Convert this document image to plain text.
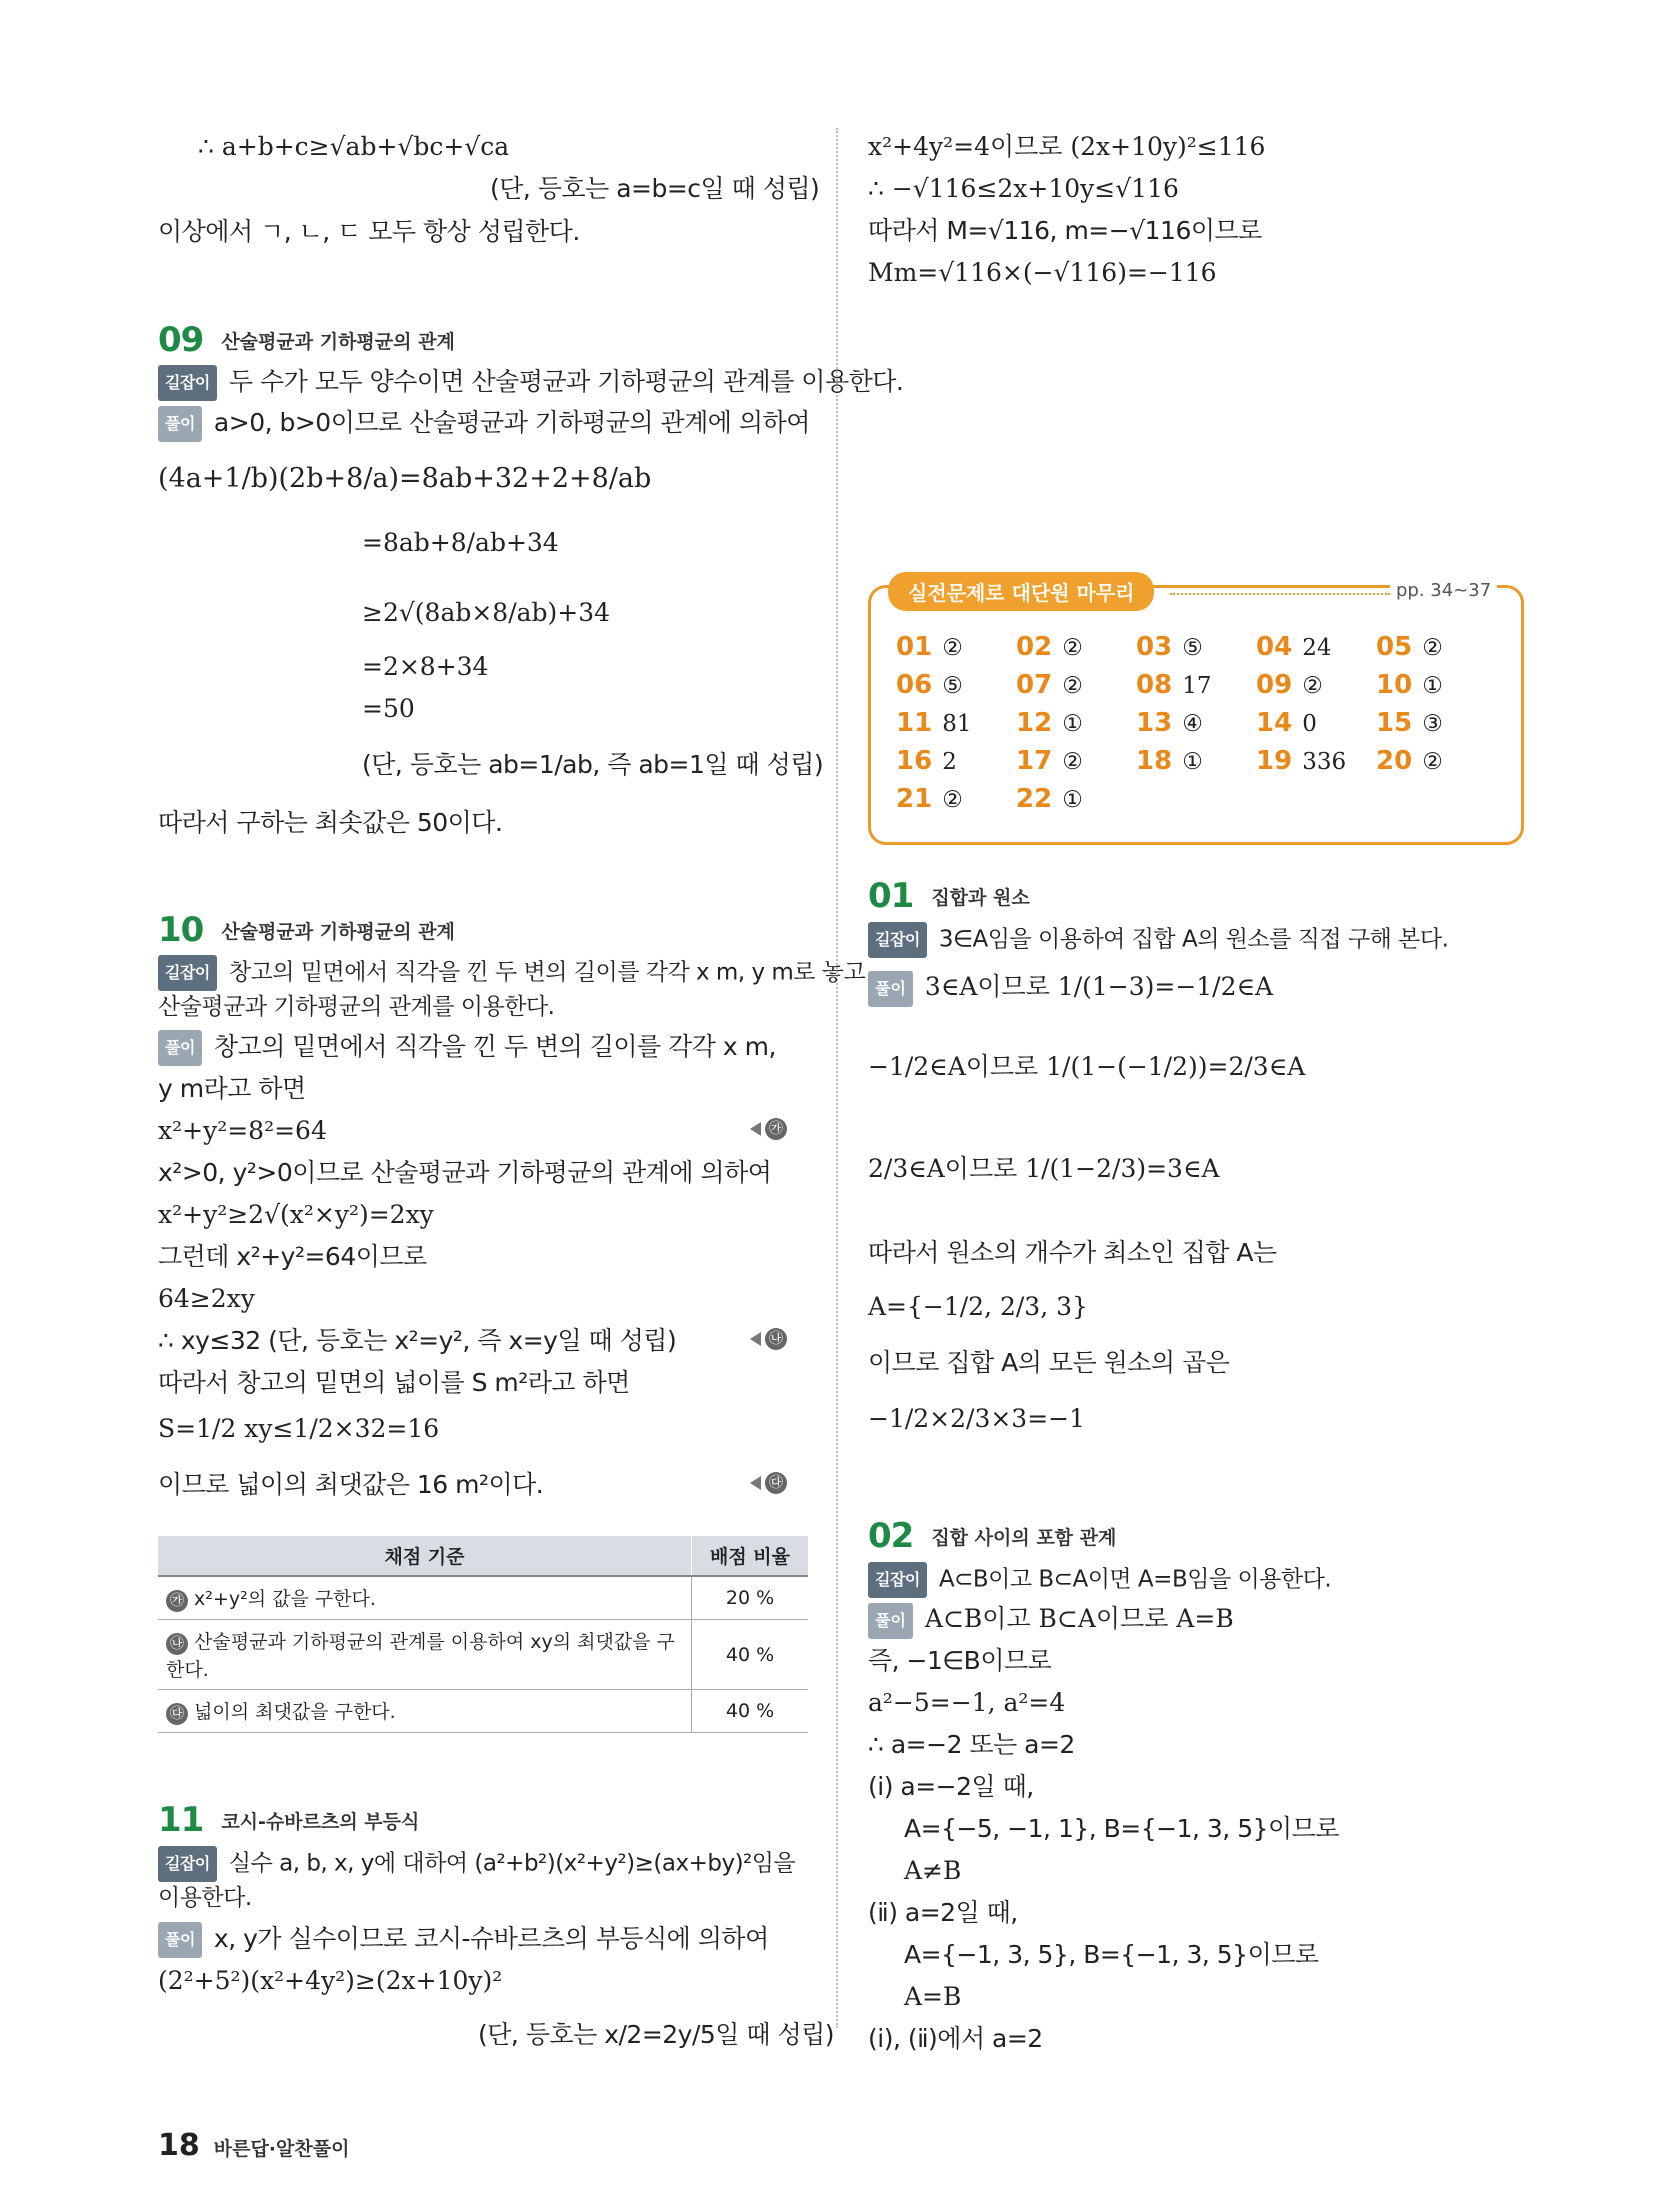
∴ a+b+c≥√ab+√bc+√ca
(단, 등호는 a=b=c일 때 성립)
이상에서 ㄱ, ㄴ, ㄷ 모두 항상 성립한다.
09 산술평균과 기하평균의 관계
길잡이 두 수가 모두 양수이면 산술평균과 기하평균의 관계를 이용한다.
풀이 a>0, b>0이므로 산술평균과 기하평균의 관계에 의하여
(4a+1/b)(2b+8/a)=8ab+32+2+8/ab
=8ab+8/ab+34
≥2√(8ab×8/ab)+34
=2×8+34
=50
(단, 등호는 ab=1/ab, 즉 ab=1일 때 성립)
따라서 구하는 최솟값은 50이다.
10 산술평균과 기하평균의 관계
길잡이 창고의 밑면에서 직각을 낀 두 변의 길이를 각각 x m, y m로 놓고
산술평균과 기하평균의 관계를 이용한다.
풀이 창고의 밑면에서 직각을 낀 두 변의 길이를 각각 x m,
y m라고 하면
x²+y²=8²=64	㉮
x²>0, y²>0이므로 산술평균과 기하평균의 관계에 의하여
x²+y²≥2√(x²×y²)=2xy
그런데 x²+y²=64이므로
64≥2xy
∴ xy≤32 (단, 등호는 x²=y², 즉 x=y일 때 성립)	㉯
따라서 창고의 밑면의 넓이를 S m²라고 하면
S=1/2 xy≤1/2×32=16
이므로 넓이의 최댓값은 16 m²이다.	㉰
채점 기준	배점 비율
㉮ x²+y²의 값을 구한다.	20 %
㉯ 산술평균과 기하평균의 관계를 이용하여 xy의 최댓값을 구한다.	40 %
㉰ 넓이의 최댓값을 구한다.	40 %
11 코시-슈바르츠의 부등식
길잡이 실수 a, b, x, y에 대하여 (a²+b²)(x²+y²)≥(ax+by)²임을
이용한다.
풀이 x, y가 실수이므로 코시-슈바르츠의 부등식에 의하여
(2²+5²)(x²+4y²)≥(2x+10y)²
(단, 등호는 x/2=2y/5일 때 성립)
x²+4y²=4이므로 (2x+10y)²≤116
∴ −√116≤2x+10y≤√116
따라서 M=√116, m=−√116이므로
Mm=√116×(−√116)=−116
실전문제로 대단원 마무리	pp. 34~37
01 ②	02 ②	03 ⑤	04 24	05 ②
06 ⑤	07 ②	08 17	09 ②	10 ①
11 81	12 ①	13 ④	14 0	15 ③
16 2	17 ②	18 ①	19 336	20 ②
21 ②	22 ①
01 집합과 원소
길잡이 3∈A임을 이용하여 집합 A의 원소를 직접 구해 본다.
풀이 3∈A이므로 1/(1−3)=−1/2∈A
−1/2∈A이므로 1/(1−(−1/2))=2/3∈A
2/3∈A이므로 1/(1−2/3)=3∈A
따라서 원소의 개수가 최소인 집합 A는
A={−1/2, 2/3, 3}
이므로 집합 A의 모든 원소의 곱은
−1/2×2/3×3=−1
02 집합 사이의 포함 관계
길잡이 A⊂B이고 B⊂A이면 A=B임을 이용한다.
풀이 A⊂B이고 B⊂A이므로 A=B
즉, −1∈B이므로
a²−5=−1, a²=4
∴ a=−2 또는 a=2
(ⅰ) a=−2일 때,
A={−5, −1, 1}, B={−1, 3, 5}이므로
A≠B
(ⅱ) a=2일 때,
A={−1, 3, 5}, B={−1, 3, 5}이므로
A=B
(ⅰ), (ⅱ)에서 a=2
18 바른답·알찬풀이
